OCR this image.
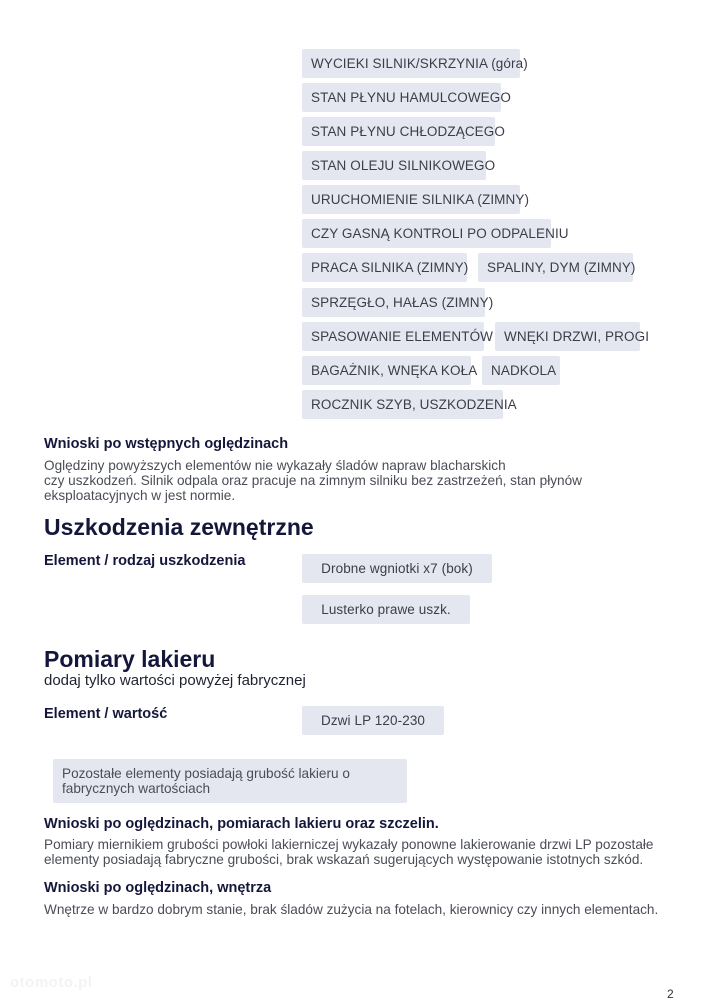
WYCIEKI SILNIK/SKRZYNIA (góra)
STAN PŁYNU HAMULCOWEGO
STAN PŁYNU CHŁODZĄCEGO
STAN OLEJU SILNIKOWEGO
URUCHOMIENIE SILNIKA (ZIMNY)
CZY GASNĄ KONTROLI PO ODPALENIU
PRACA SILNIKA (ZIMNY)	SPALINY, DYM (ZIMNY)
SPRZĘGŁO, HAŁAS (ZIMNY)
SPASOWANIE ELEMENTÓW WNĘKI DRZWI, PROGI
BAGAŻNIK, WNĘKA KOŁA	NADKOLA
ROCZNIK SZYB, USZKODZENIA
Wnioski po wstępnych oględzinach
Oględziny powyższych elementów nie wykazały śladów napraw blacharskich
czy uszkodzeń. Silnik odpala oraz pracuje na zimnym silniku bez zastrzeżeń, stan płynów
eksploatacyjnych w jest normie.
Uszkodzenia zewnętrzne
Element / rodzaj uszkodzenia	Drobne wgniotki x7 (bok)
Lusterko prawe uszk.
Pomiary lakieru
dodaj tylko wartości powyżej fabrycznej
Element / wartość	Dzwi LP 120-230
Pozostałe elementy posiadają grubość lakieru o
fabrycznych wartościach
Wnioski po oględzinach, pomiarach lakieru oraz szczelin.
Pomiary miernikiem grubości powłoki lakierniczej wykazały ponowne lakierowanie drzwi LP pozostałe
elementy posiadają fabryczne grubości, brak wskazań sugerujących występowanie istotnych szkód.
Wnioski po oględzinach, wnętrza
Wnętrze w bardzo dobrym stanie, brak śladów zużycia na fotelach, kierownicy czy innych elementach.
otomoto.pl
2
